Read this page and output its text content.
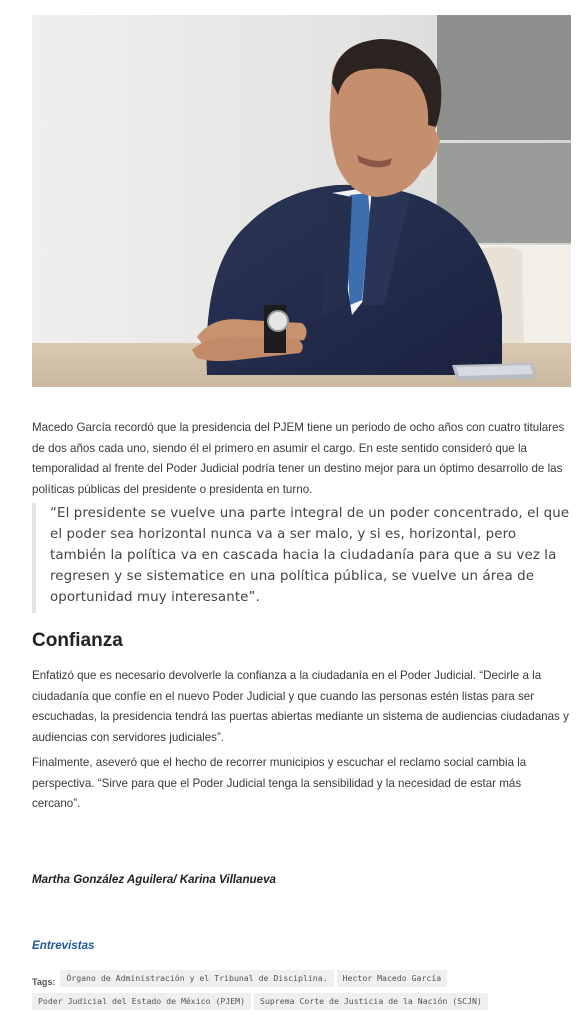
Macedo García recordó que la presidencia del PJEM tiene un periodo de ocho años con cuatro titulares de dos años cada uno, siendo él el primero en asumir el cargo. En este sentido consideró que la temporalidad al frente del Poder Judicial podría tener un destino mejor para un óptimo desarrollo de las políticas públicas del presidente o presidenta en turno.

“El presidente se vuelve una parte integral de un poder concentrado, el que el poder sea horizontal nunca va a ser malo, y si es, horizontal, pero también la política va en cascada hacia la ciudadanía para que a su vez la regresen y se sistematice en una política pública, se vuelve un área de oportunidad muy interesante”.

Confianza

Enfatizó que es necesario devolverle la confianza a la ciudadanía en el Poder Judicial. “Decirle a la ciudadanía que confíe en el nuevo Poder Judicial y que cuando las personas estén listas para ser escuchadas, la presidencia tendrá las puertas abiertas mediante un sistema de audiencias ciudadanas y audiencias con servidores judiciales”.

Finalmente, aseveró que el hecho de recorrer municipios y escuchar el reclamo social cambia la perspectiva. “Sirve para que el Poder Judicial tenga la sensibilidad y la necesidad de estar más cercano”.

Martha González Aguilera/ Karina Villanueva

Entrevistas
Tags: Órgano de Administración y el Tribunal de Disciplina. Hector Macedo García
Poder Judicial del Estado de México (PJEM) Suprema Corte de Justicia de la Nación (SCJN)
